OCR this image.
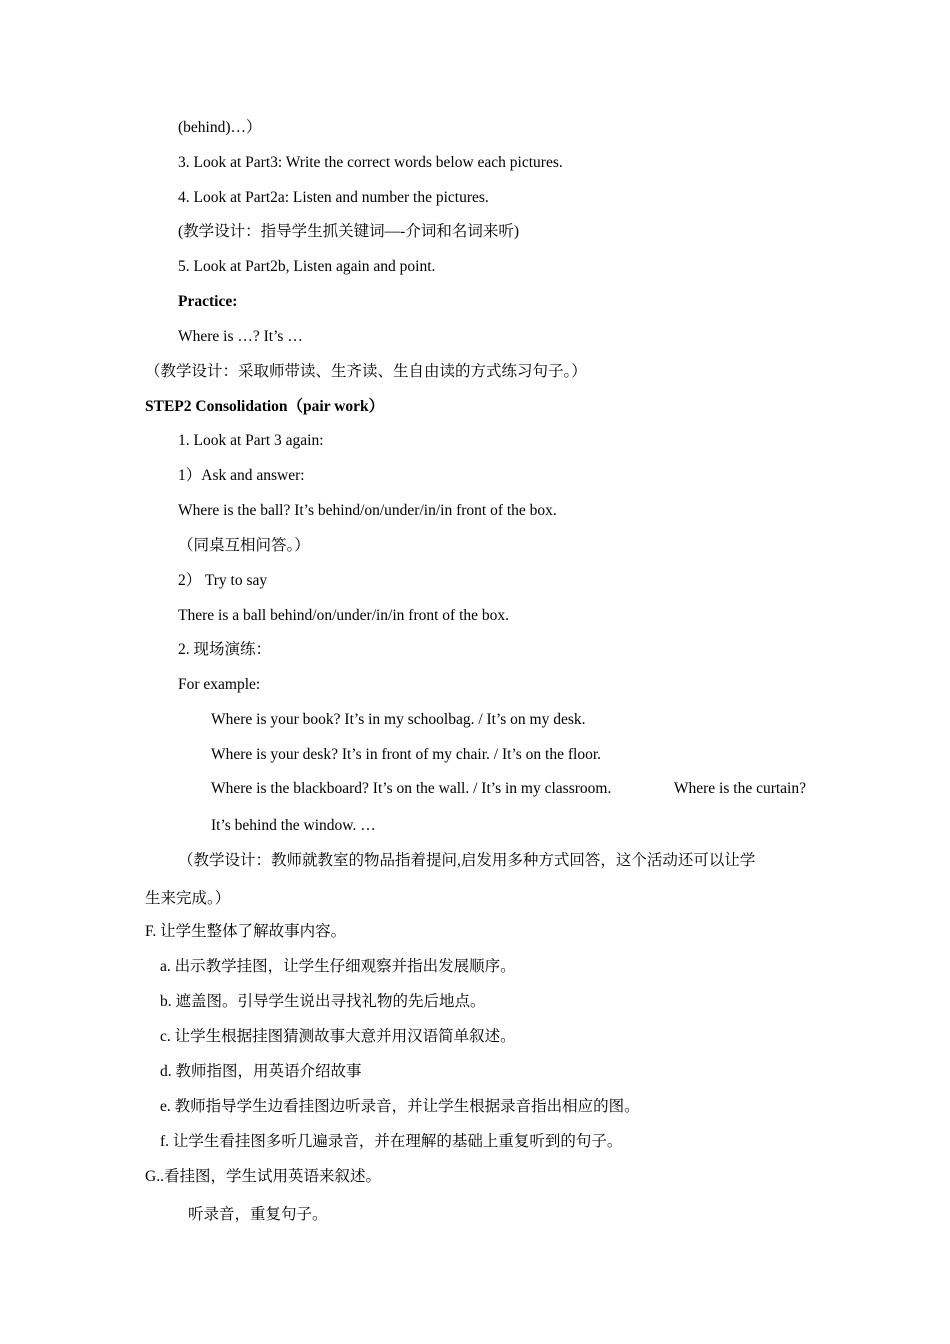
(behind)…）
3. Look at Part3: Write the correct words below each pictures.
4. Look at Part2a: Listen and number the pictures.
(教学设计：指导学生抓关键词—-介词和名词来听)
5. Look at Part2b, Listen again and point.
Practice:
Where is …? It’s …
（教学设计：采取师带读、生齐读、生自由读的方式练习句子。）
STEP2 Consolidation（pair work）
1. Look at Part 3 again:
1）Ask and answer:
Where is the ball? It’s behind/on/under/in/in front of the box.
（同桌互相问答。）
2） Try to say
There is a ball behind/on/under/in/in front of the box.
2. 现场演练：
For example:
Where is your book? It’s in my schoolbag. / It’s on my desk.
Where is your desk? It’s in front of my chair. / It’s on the floor.
Where is the blackboard? It’s on the wall. / It’s in my classroom.	Where is the curtain?
It’s behind the window. …
（教学设计：教师就教室的物品指着提问,启发用多种方式回答，这个活动还可以让学
生来完成。）
F. 让学生整体了解故事内容。
a. 出示教学挂图，让学生仔细观察并指出发展顺序。
b. 遮盖图。引导学生说出寻找礼物的先后地点。
c. 让学生根据挂图猜测故事大意并用汉语简单叙述。
d. 教师指图，用英语介绍故事
e. 教师指导学生边看挂图边听录音，并让学生根据录音指出相应的图。
f. 让学生看挂图多听几遍录音，并在理解的基础上重复听到的句子。
G..看挂图，学生试用英语来叙述。
听录音，重复句子。
